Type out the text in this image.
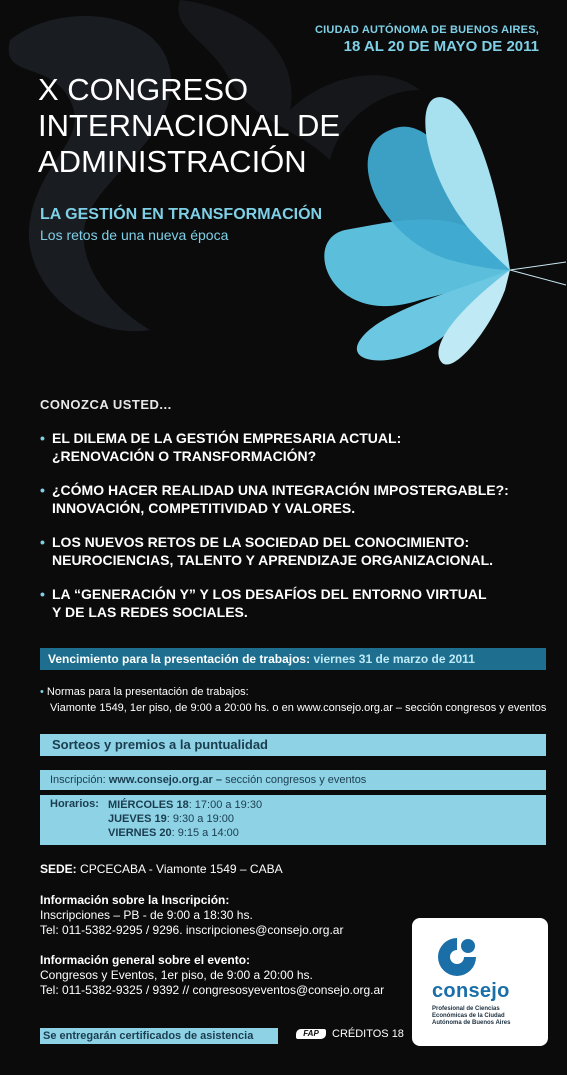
CIUDAD AUTÓNOMA DE BUENOS AIRES,
18 AL 20 DE MAYO DE 2011
X CONGRESO
INTERNACIONAL DE
ADMINISTRACIÓN
LA GESTIÓN EN TRANSFORMACIÓN
Los retos de una nueva época
CONOZCA USTED...
• EL DILEMA DE LA GESTIÓN EMPRESARIA ACTUAL:
¿RENOVACIÓN O TRANSFORMACIÓN?
• ¿CÓMO HACER REALIDAD UNA INTEGRACIÓN IMPOSTERGABLE?:
INNOVACIÓN, COMPETITIVIDAD Y VALORES.
• LOS NUEVOS RETOS DE LA SOCIEDAD DEL CONOCIMIENTO:
NEUROCIENCIAS, TALENTO Y APRENDIZAJE ORGANIZACIONAL.
• LA “GENERACIÓN Y” Y LOS DESAFÍOS DEL ENTORNO VIRTUAL
Y DE LAS REDES SOCIALES.
Vencimiento para la presentación de trabajos: viernes 31 de marzo de 2011
• Normas para la presentación de trabajos:
Viamonte 1549, 1er piso, de 9:00 a 20:00 hs. o en www.consejo.org.ar – sección congresos y eventos
Sorteos y premios a la puntualidad
Inscripción: www.consejo.org.ar – sección congresos y eventos
Horarios: MIÉRCOLES 18: 17:00 a 19:30
JUEVES 19: 9:30 a 19:00
VIERNES 20: 9:15 a 14:00
SEDE: CPCECABA - Viamonte 1549 – CABA
Información sobre la Inscripción:
Inscripciones – PB - de 9:00 a 18:30 hs.
Tel: 011-5382-9295 / 9296. inscripciones@consejo.org.ar
Información general sobre el evento:
Congresos y Eventos, 1er piso, de 9:00 a 20:00 hs.
Tel: 011-5382-9325 / 9392 // congresosyeventos@consejo.org.ar
Se entregarán certificados de asistencia	FAP	CRÉDITOS 18
consejo
Profesional de Ciencias
Económicas de la Ciudad
Autónoma de Buenos Aires
